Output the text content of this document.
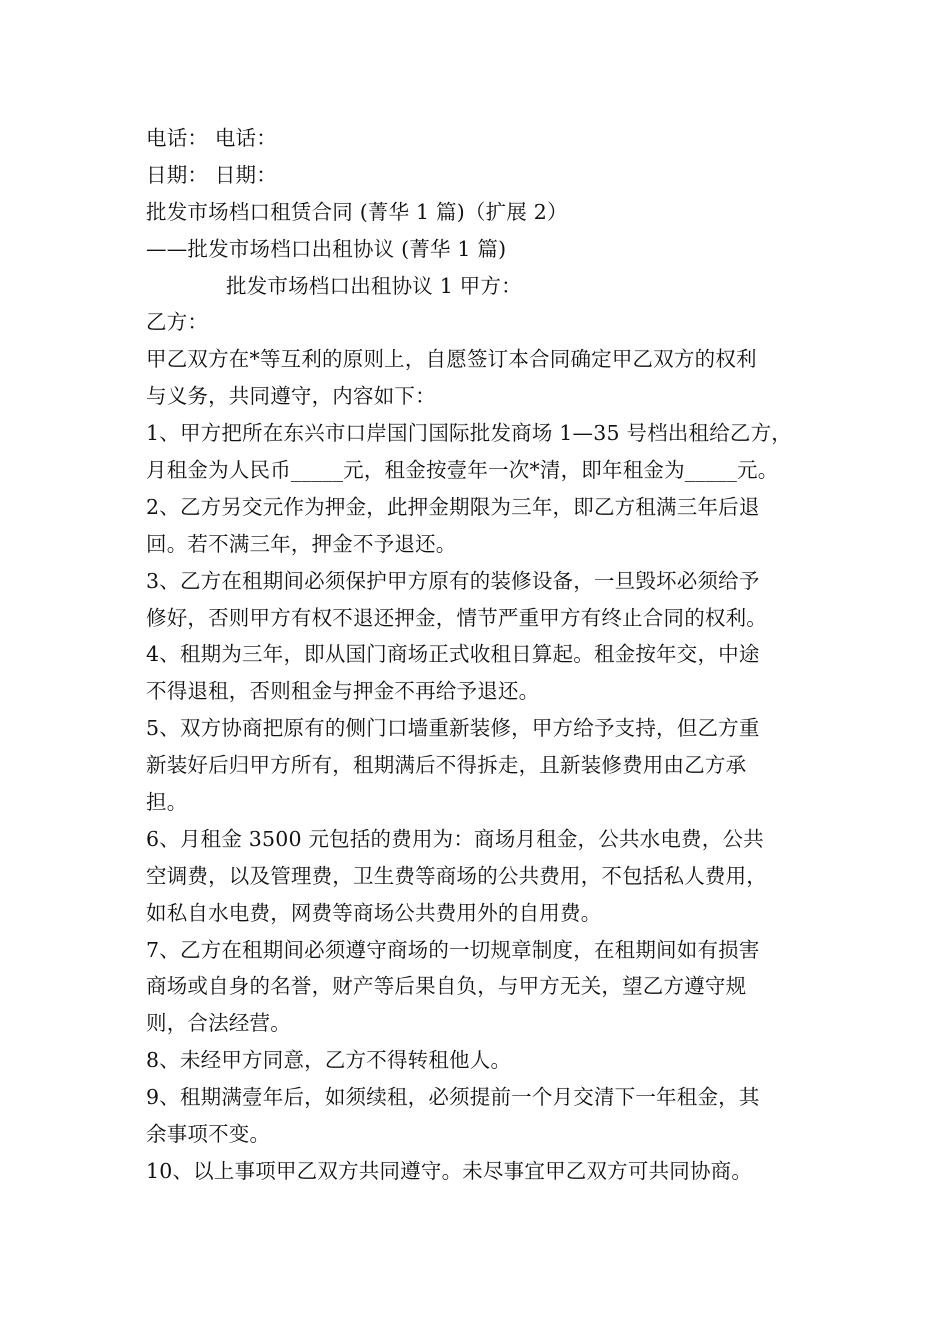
电话： 电话：
日期： 日期：
批发市场档口租赁合同 (菁华 1 篇)（扩展 2）
——批发市场档口出租协议 (菁华 1 篇)
批发市场档口出租协议 1 甲方：
乙方：
甲乙双方在*等互利的原则上，自愿签订本合同确定甲乙双方的权利
与义务，共同遵守，内容如下：
1、甲方把所在东兴市口岸国门国际批发商场 1—35 号档出租给乙方，
月租金为人民币_____元，租金按壹年一次*清，即年租金为_____元。
2、乙方另交元作为押金，此押金期限为三年，即乙方租满三年后退
回。若不满三年，押金不予退还。
3、乙方在租期间必须保护甲方原有的装修设备，一旦毁坏必须给予
修好，否则甲方有权不退还押金，情节严重甲方有终止合同的权利。
4、租期为三年，即从国门商场正式收租日算起。租金按年交，中途
不得退租，否则租金与押金不再给予退还。
5、双方协商把原有的侧门口墙重新装修，甲方给予支持，但乙方重
新装好后归甲方所有，租期满后不得拆走，且新装修费用由乙方承
担。
6、月租金 3500 元包括的费用为：商场月租金，公共水电费，公共
空调费，以及管理费，卫生费等商场的公共费用，不包括私人费用，
如私自水电费，网费等商场公共费用外的自用费。
7、乙方在租期间必须遵守商场的一切规章制度，在租期间如有损害
商场或自身的名誉，财产等后果自负，与甲方无关，望乙方遵守规
则，合法经营。
8、未经甲方同意，乙方不得转租他人。
9、租期满壹年后，如须续租，必须提前一个月交清下一年租金，其
余事项不变。
10、以上事项甲乙双方共同遵守。未尽事宜甲乙双方可共同协商。
